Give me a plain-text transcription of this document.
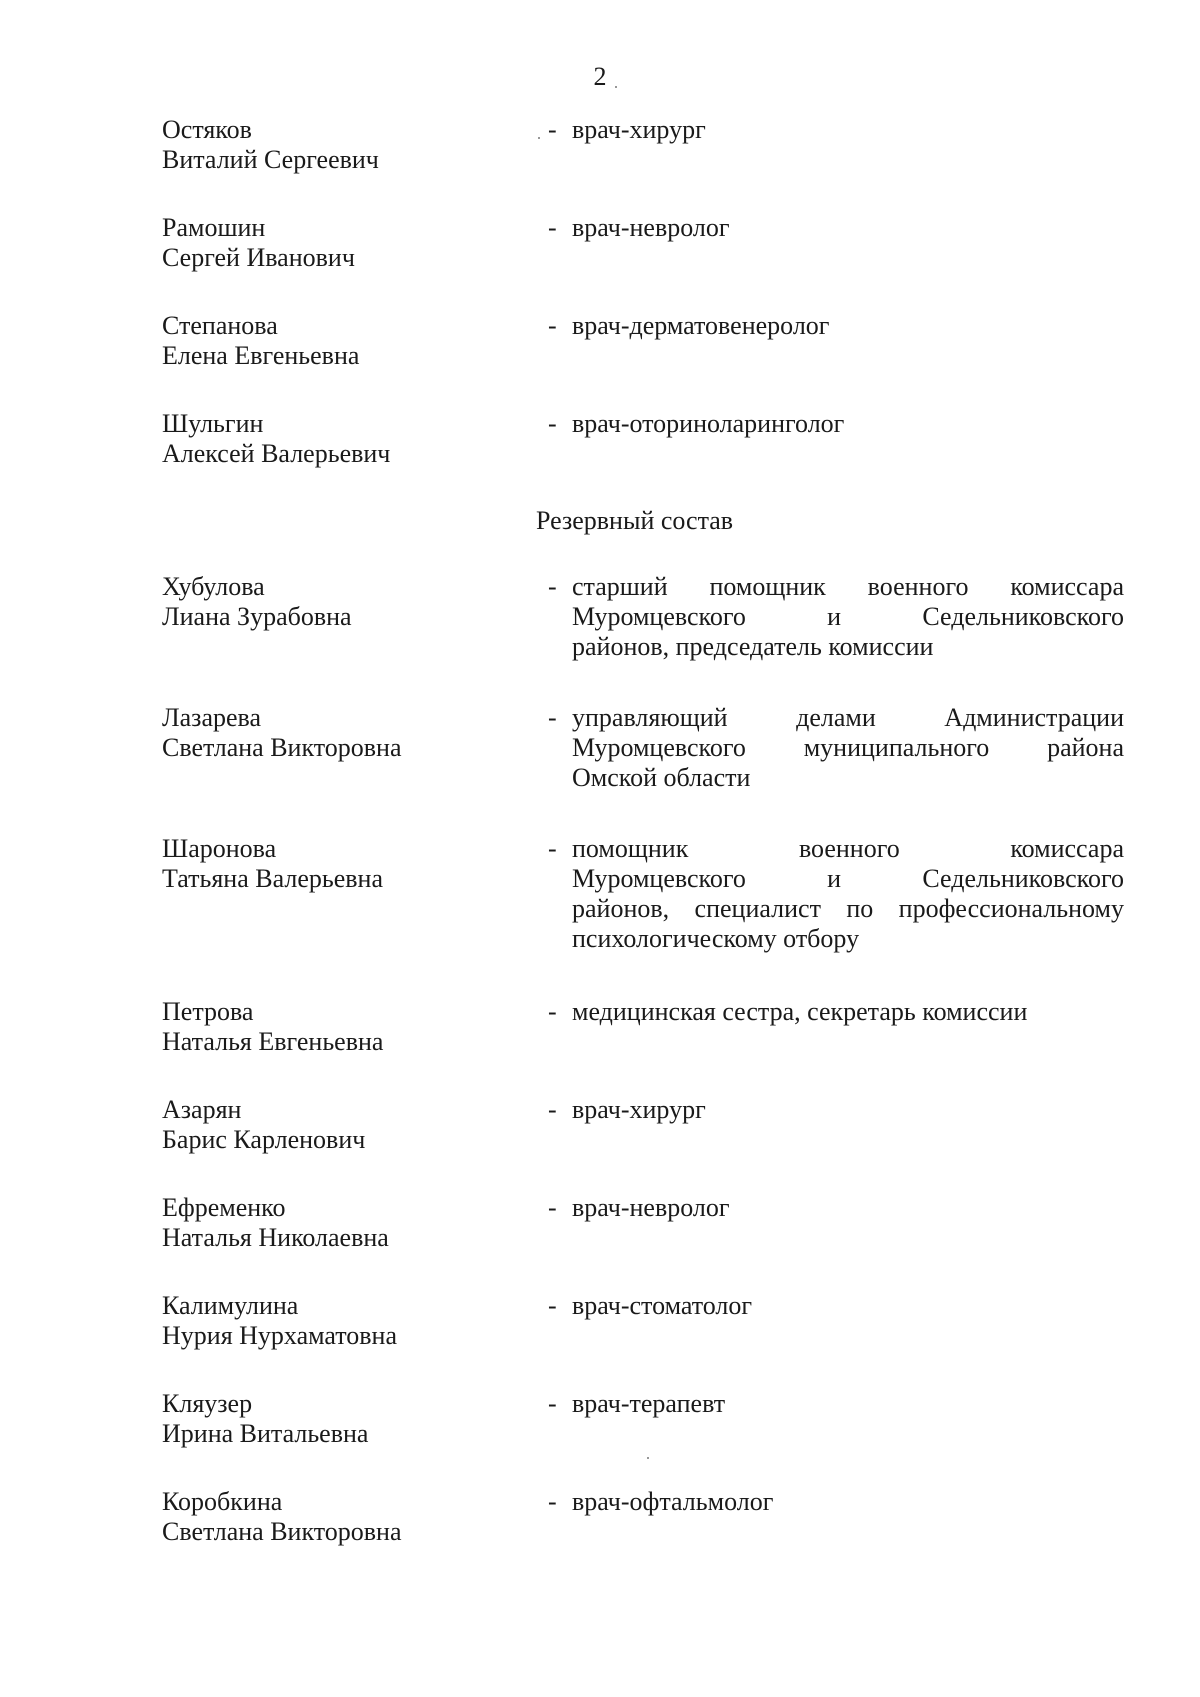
2
Остяков
Виталий Сергеевич
- врач-хирург
Рамошин
Сергей Иванович
- врач-невролог
Степанова
Елена Евгеньевна
- врач-дерматовенеролог
Шульгин
Алексей Валерьевич
- врач-оториноларинголог
Резервный состав
Хубулова
Лиана Зурабовна
- старший помощник военного комиссара
Муромцевского и Седельниковского
районов, председатель комиссии
Лазарева
Светлана Викторовна
- управляющий делами Администрации
Муромцевского муниципального района
Омской области
Шаронова
Татьяна Валерьевна
- помощник военного комиссара
Муромцевского и Седельниковского
районов, специалист по профессиональному
психологическому отбору
Петрова
Наталья Евгеньевна
- медицинская сестра, секретарь комиссии
Азарян
Барис Карленович
- врач-хирург
Ефременко
Наталья Николаевна
- врач-невролог
Калимулина
Нурия Нурхаматовна
- врач-стоматолог
Кляузер
Ирина Витальевна
- врач-терапевт
Коробкина
Светлана Викторовна
- врач-офтальмолог
